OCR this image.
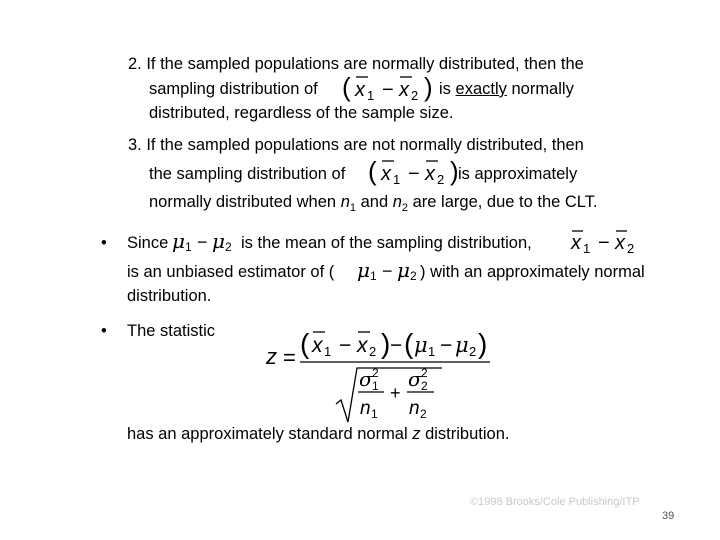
2. If the sampled populations are normally distributed, then the
sampling distribution of ( x 1 − x 2 ) is exactly normally
distributed, regardless of the sample size.
3. If the sampled populations are not normally distributed, then
the sampling distribution of ( x 1 − x 2 ) is approximately
normally distributed when $n_1$ and $n_2$ are large, due to the CLT.
• Since μ 1 − μ 2 is the mean of the sampling distribution, x 1 − x 2
is an unbiased estimator of ( μ 1 − μ 2 ) with an approximately normal
distribution.
• The statistic
z = ( x 1 − x 2 ) − ( μ 1 − μ 2 )
σ 2
1
n 1
+
σ 2
2
n 2
has an approximately standard normal z distribution.
©1998 Brooks/Cole Publishing/ITP
39
